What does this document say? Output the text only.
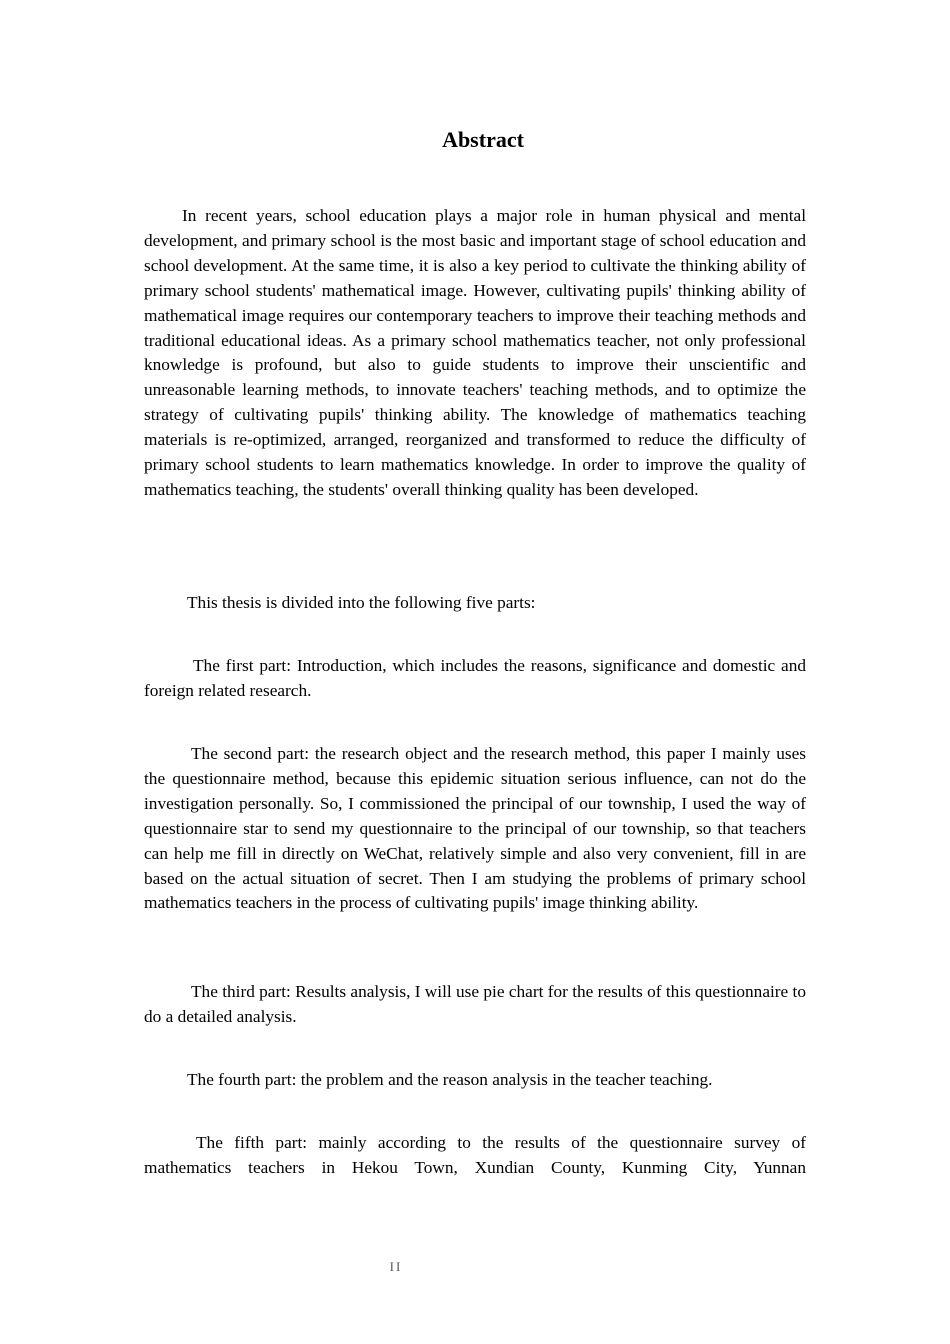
Abstract

In recent years, school education plays a major role in human physical and mental development, and primary school is the most basic and important stage of school education and school development. At the same time, it is also a key period to cultivate the thinking ability of primary school students' mathematical image. However, cultivating pupils' thinking ability of mathematical image requires our contemporary teachers to improve their teaching methods and traditional educational ideas. As a primary school mathematics teacher, not only professional knowledge is profound, but also to guide students to improve their unscientific and unreasonable learning methods, to innovate teachers' teaching methods, and to optimize the strategy of cultivating pupils' thinking ability. The knowledge of mathematics teaching materials is re-optimized, arranged, reorganized and transformed to reduce the difficulty of primary school students to learn mathematics knowledge. In order to improve the quality of mathematics teaching, the students' overall thinking quality has been developed.

This thesis is divided into the following five parts:

The first part: Introduction, which includes the reasons, significance and domestic and foreign related research.

The second part: the research object and the research method, this paper I mainly uses the questionnaire method, because this epidemic situation serious influence, can not do the investigation personally. So, I commissioned the principal of our township, I used the way of questionnaire star to send my questionnaire to the principal of our township, so that teachers can help me fill in directly on WeChat, relatively simple and also very convenient, fill in are based on the actual situation of secret. Then I am studying the problems of primary school mathematics teachers in the process of cultivating pupils' image thinking ability.

The third part: Results analysis, I will use pie chart for the results of this questionnaire to do a detailed analysis.

The fourth part: the problem and the reason analysis in the teacher teaching.

The fifth part: mainly according to the results of the questionnaire survey of mathematics teachers in Hekou Town, Xundian County, Kunming City, Yunnan

II
